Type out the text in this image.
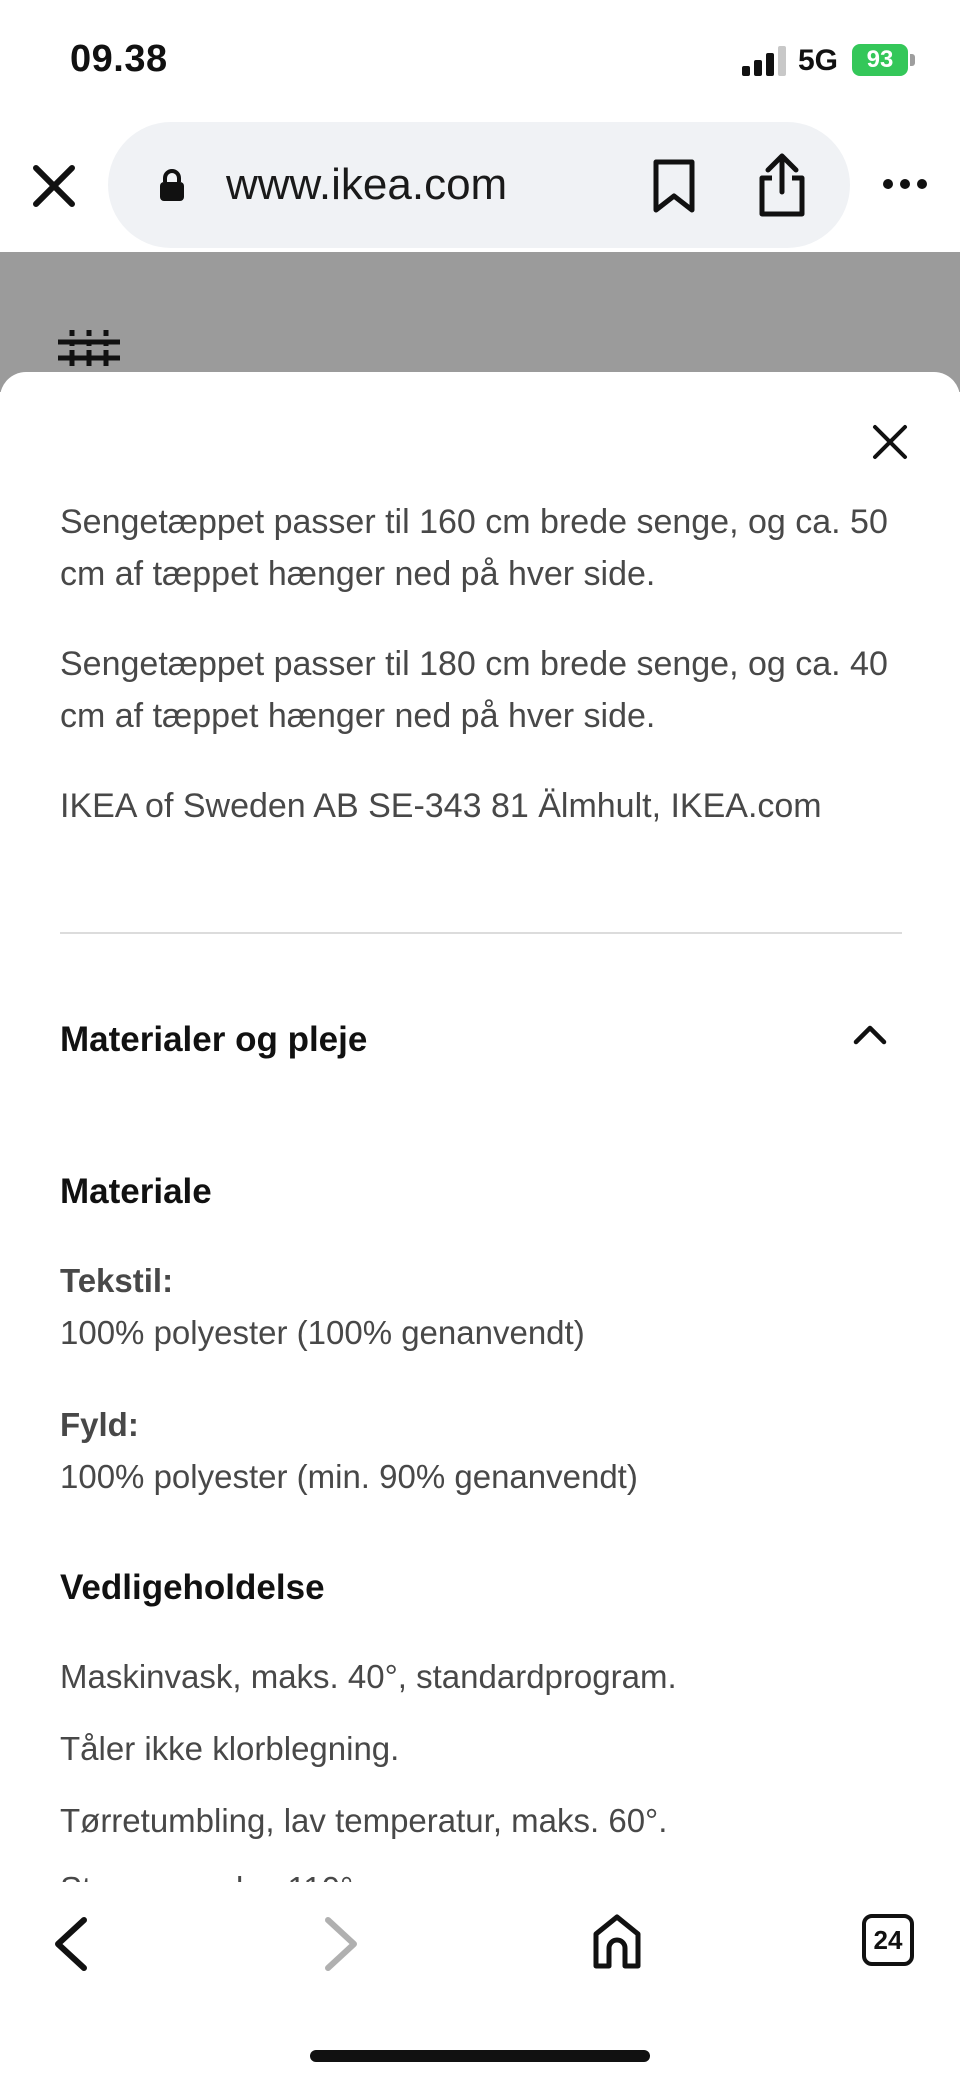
09.38	5G	93
www.ikea.com

Sengetæppet passer til 160 cm brede senge, og ca. 50 cm af tæppet hænger ned på hver side.

Sengetæppet passer til 180 cm brede senge, og ca. 40 cm af tæppet hænger ned på hver side.

IKEA of Sweden AB SE-343 81 Älmhult, IKEA.com

Materialer og pleje
Materiale
Tekstil:
100% polyester (100% genanvendt)
Fyld:
100% polyester (min. 90% genanvendt)
Vedligeholdelse
Maskinvask, maks. 40°, standardprogram.
Tåler ikke klorblegning.
Tørretumbling, lav temperatur, maks. 60°.
24
